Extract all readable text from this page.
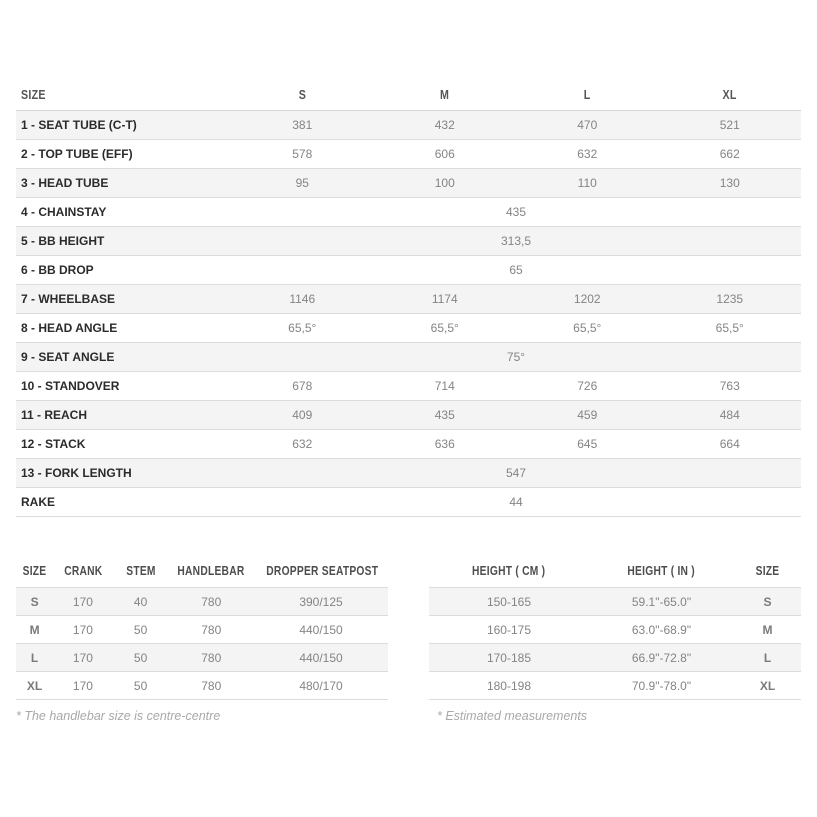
SIZE	S	M	L	XL
1 - SEAT TUBE (C-T)	381	432	470	521
2 - TOP TUBE (EFF)	578	606	632	662
3 - HEAD TUBE	95	100	110	130
4 - CHAINSTAY	435			
5 - BB HEIGHT	313,5			
6 - BB DROP	65			
7 - WHEELBASE	1146	1174	1202	1235
8 - HEAD ANGLE	65,5°	65,5°	65,5°	65,5°
9 - SEAT ANGLE	75°			
10 - STANDOVER	678	714	726	763
11 - REACH	409	435	459	484
12 - STACK	632	636	645	664
13 - FORK LENGTH	547			
RAKE	44			
SIZE	CRANK	STEM	HANDLEBAR	DROPPER SEATPOST
S	170	40	780	390/125
M	170	50	780	440/150
L	170	50	780	440/150
XL	170	50	780	480/170
* The handlebar size is centre-centre
HEIGHT ( CM )	HEIGHT ( IN )	SIZE
150-165	59.1"-65.0"	S
160-175	63.0"-68.9"	M
170-185	66.9"-72.8"	L
180-198	70.9"-78.0"	XL
* Estimated measurements
